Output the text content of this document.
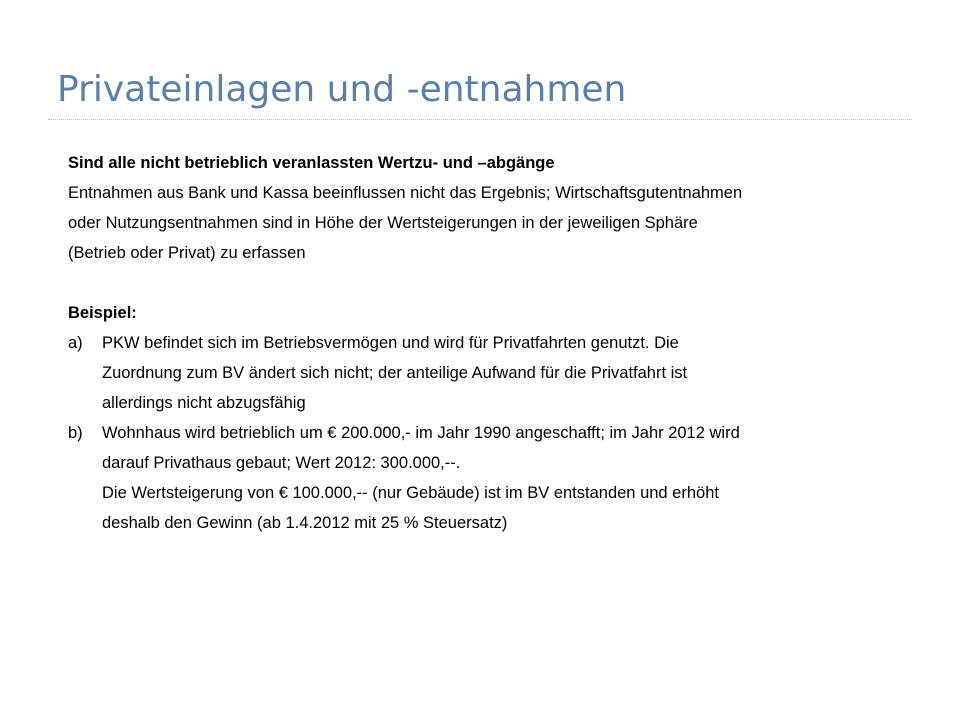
Privateinlagen und -entnahmen
Sind alle nicht betrieblich veranlassten Wertzu- und –abgänge
Entnahmen aus Bank und Kassa beeinflussen nicht das Ergebnis; Wirtschaftsgutentnahmen
oder Nutzungsentnahmen sind in Höhe der Wertsteigerungen in der jeweiligen Sphäre
(Betrieb oder Privat) zu erfassen
Beispiel:
a)	PKW befindet sich im Betriebsvermögen und wird für Privatfahrten genutzt. Die
Zuordnung zum BV ändert sich nicht; der anteilige Aufwand für die Privatfahrt ist
allerdings nicht abzugsfähig
b)	Wohnhaus wird betrieblich um € 200.000,- im Jahr 1990 angeschafft; im Jahr 2012 wird
darauf Privathaus gebaut; Wert 2012: 300.000,--.
Die Wertsteigerung von € 100.000,-- (nur Gebäude) ist im BV entstanden und erhöht
deshalb den Gewinn (ab 1.4.2012 mit 25 % Steuersatz)
